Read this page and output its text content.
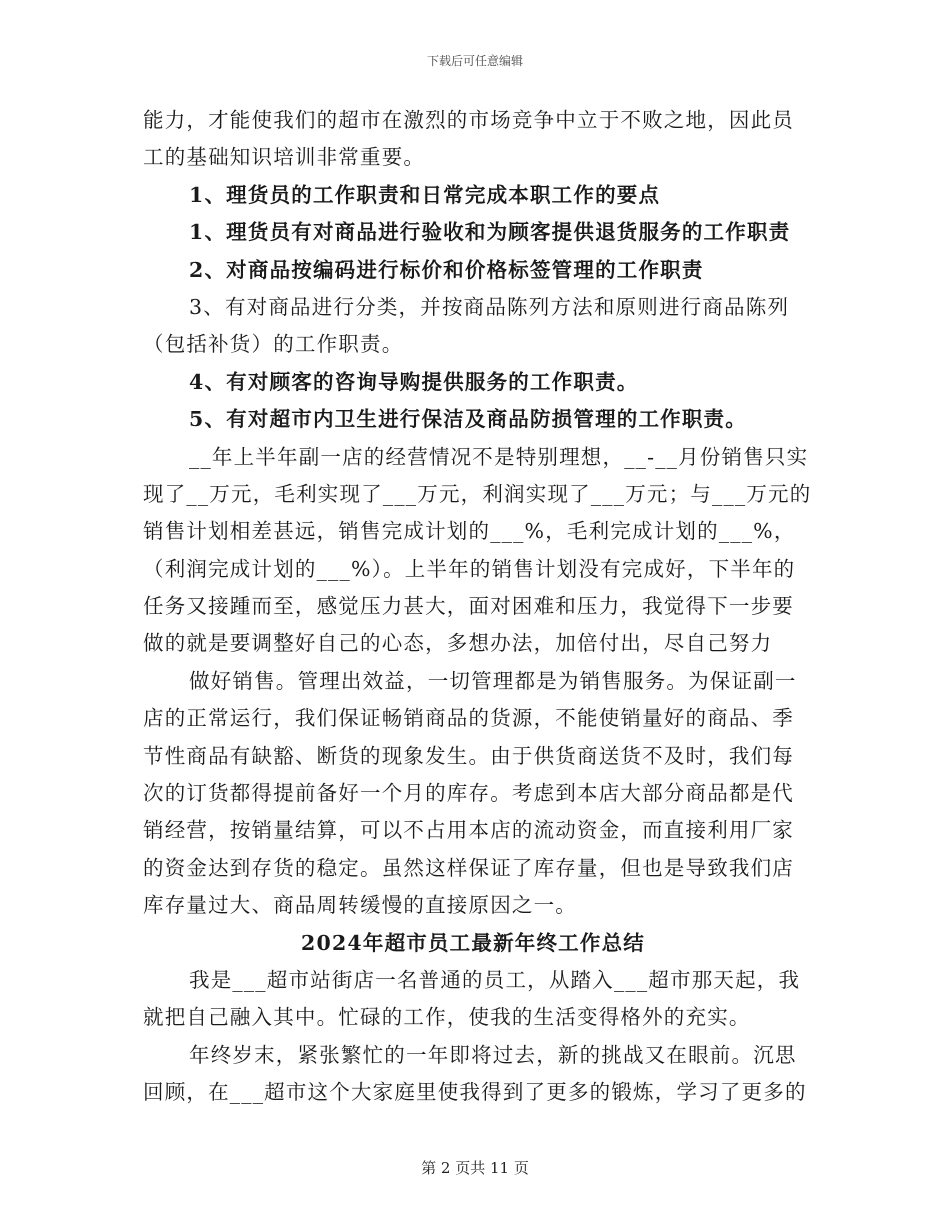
下载后可任意编辑
能力，才能使我们的超市在激烈的市场竞争中立于不败之地，因此员
工的基础知识培训非常重要。
1、理货员的工作职责和日常完成本职工作的要点
1、理货员有对商品进行验收和为顾客提供退货服务的工作职责
2、对商品按编码进行标价和价格标签管理的工作职责
3、有对商品进行分类，并按商品陈列方法和原则进行商品陈列
（包括补货）的工作职责。
4、有对顾客的咨询导购提供服务的工作职责。
5、有对超市内卫生进行保洁及商品防损管理的工作职责。
__年上半年副一店的经营情况不是特别理想，__-__月份销售只实
现了__万元，毛利实现了___万元，利润实现了___万元；与___万元的
销售计划相差甚远，销售完成计划的___%，毛利完成计划的___%，
（利润完成计划的___%）。上半年的销售计划没有完成好，下半年的
任务又接踵而至，感觉压力甚大，面对困难和压力，我觉得下一步要
做的就是要调整好自己的心态，多想办法，加倍付出，尽自己努力
做好销售。管理出效益，一切管理都是为销售服务。为保证副一
店的正常运行，我们保证畅销商品的货源，不能使销量好的商品、季
节性商品有缺豁、断货的现象发生。由于供货商送货不及时，我们每
次的订货都得提前备好一个月的库存。考虑到本店大部分商品都是代
销经营，按销量结算，可以不占用本店的流动资金，而直接利用厂家
的资金达到存货的稳定。虽然这样保证了库存量，但也是导致我们店
库存量过大、商品周转缓慢的直接原因之一。
2024年超市员工最新年终工作总结
我是___超市站街店一名普通的员工，从踏入___超市那天起，我
就把自己融入其中。忙碌的工作，使我的生活变得格外的充实。
年终岁末，紧张繁忙的一年即将过去，新的挑战又在眼前。沉思
回顾，在___超市这个大家庭里使我得到了更多的锻炼，学习了更多的
第 2 页共 11 页
